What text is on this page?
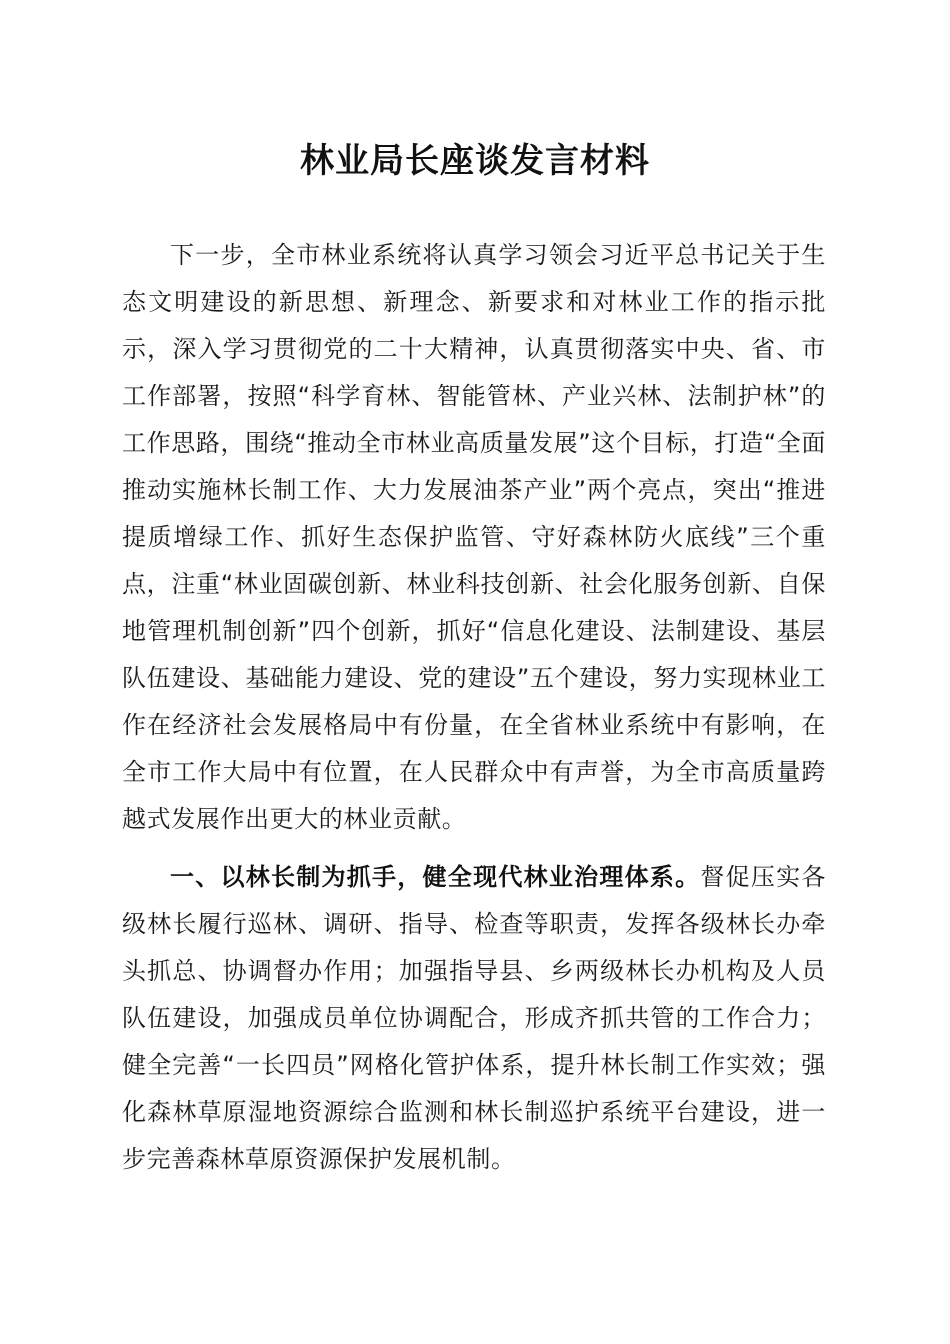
林业局长座谈发言材料

下一步，全市林业系统将认真学习领会习近平总书记关于生态文明建设的新思想、新理念、新要求和对林业工作的指示批示，深入学习贯彻党的二十大精神，认真贯彻落实中央、省、市工作部署，按照“科学育林、智能管林、产业兴林、法制护林”的工作思路，围绕“推动全市林业高质量发展”这个目标，打造“全面推动实施林长制工作、大力发展油茶产业”两个亮点，突出“推进提质增绿工作、抓好生态保护监管、守好森林防火底线”三个重点，注重“林业固碳创新、林业科技创新、社会化服务创新、自保地管理机制创新”四个创新，抓好“信息化建设、法制建设、基层队伍建设、基础能力建设、党的建设”五个建设，努力实现林业工作在经济社会发展格局中有份量，在全省林业系统中有影响，在全市工作大局中有位置，在人民群众中有声誉，为全市高质量跨越式发展作出更大的林业贡献。

一、以林长制为抓手，健全现代林业治理体系。督促压实各级林长履行巡林、调研、指导、检查等职责，发挥各级林长办牵头抓总、协调督办作用；加强指导县、乡两级林长办机构及人员队伍建设，加强成员单位协调配合，形成齐抓共管的工作合力；健全完善“一长四员”网格化管护体系，提升林长制工作实效；强化森林草原湿地资源综合监测和林长制巡护系统平台建设，进一步完善森林草原资源保护发展机制。
